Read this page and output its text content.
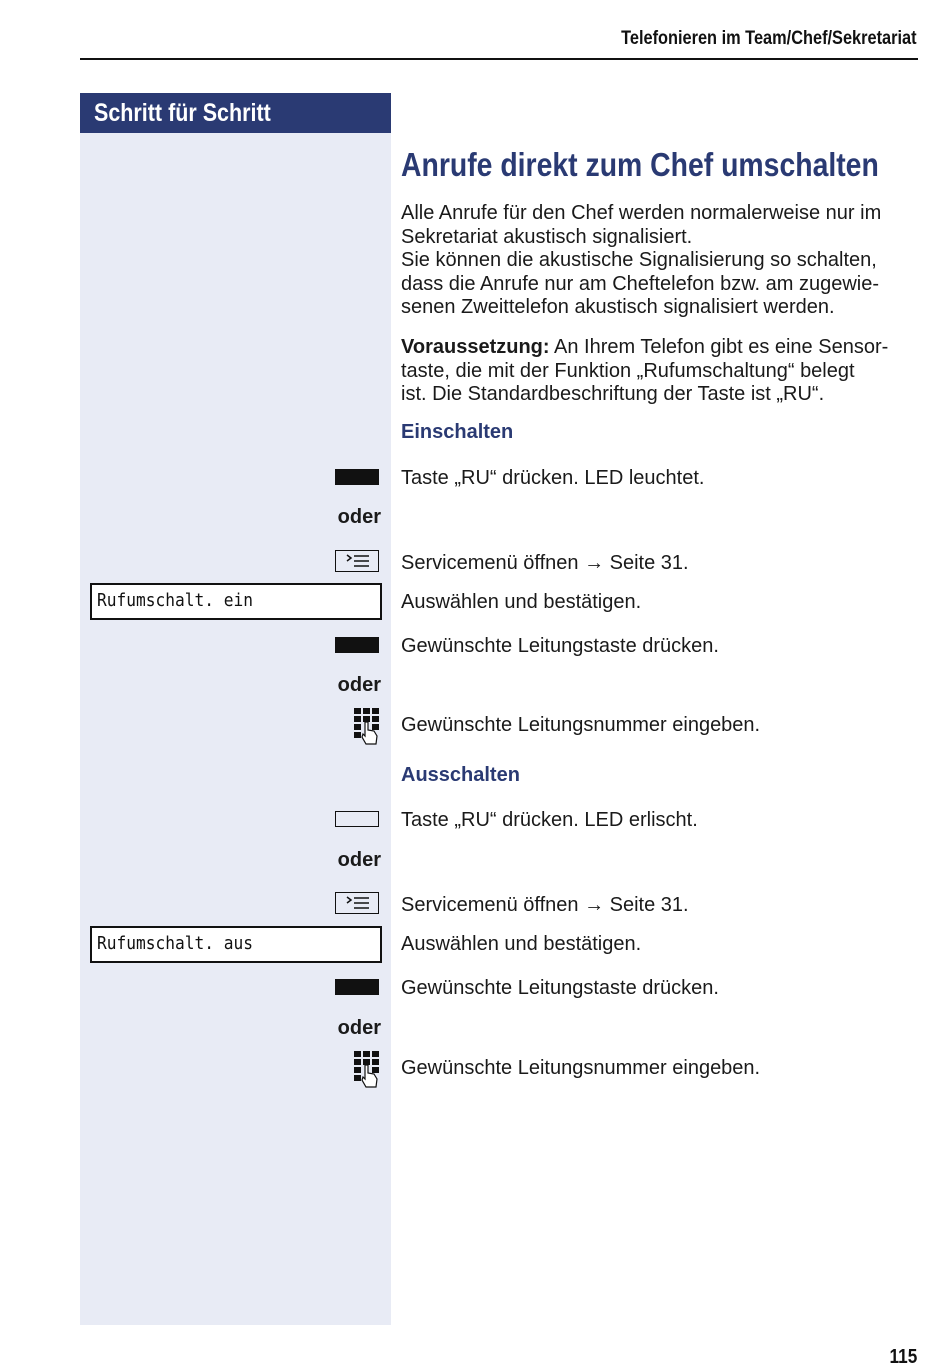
Telefonieren im Team/Chef/Sekretariat
Schritt für Schritt
Anrufe direkt zum Chef umschalten
Alle Anrufe für den Chef werden normalerweise nur im
Sekretariat akustisch signalisiert.
Sie können die akustische Signalisierung so schalten,
dass die Anrufe nur am Cheftelefon bzw. am zugewie-
senen Zweittelefon akustisch signalisiert werden.
Voraussetzung: An Ihrem Telefon gibt es eine Sensor-
taste, die mit der Funktion „Rufumschaltung“ belegt
ist. Die Standardbeschriftung der Taste ist „RU“.
Einschalten
Taste „RU“ drücken. LED leuchtet.
oder
Servicemenü öffnen → Seite 31.
Rufumschalt. ein	Auswählen und bestätigen.
Gewünschte Leitungstaste drücken.
oder
Gewünschte Leitungsnummer eingeben.
Ausschalten
Taste „RU“ drücken. LED erlischt.
oder
Servicemenü öffnen → Seite 31.
Rufumschalt. aus	Auswählen und bestätigen.
Gewünschte Leitungstaste drücken.
oder
Gewünschte Leitungsnummer eingeben.
115
